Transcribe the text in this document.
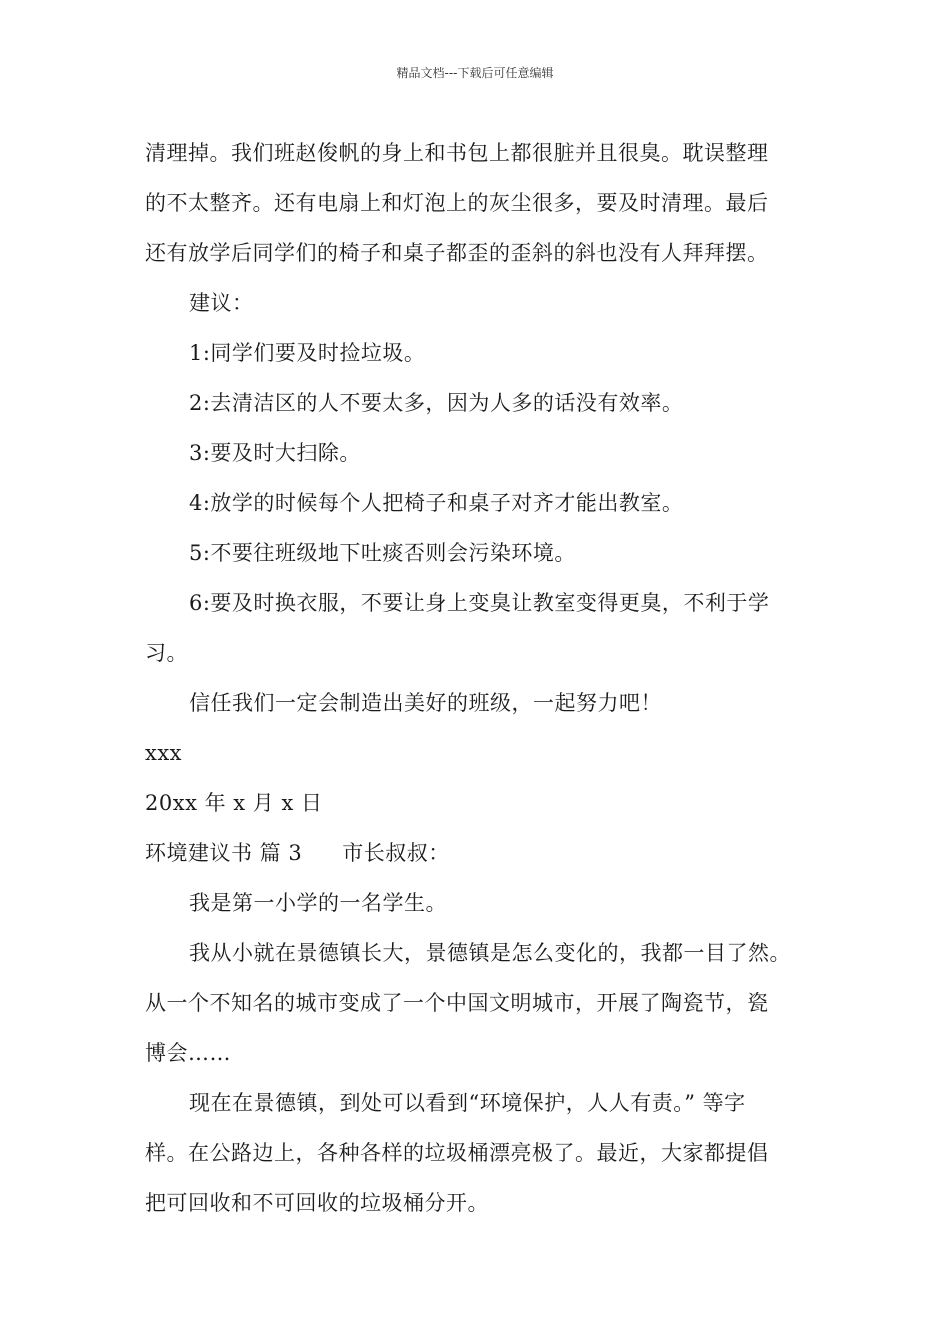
精品文档---下载后可任意编辑
清理掉。我们班赵俊帆的身上和书包上都很脏并且很臭。耽误整理
的不太整齐。还有电扇上和灯泡上的灰尘很多，要及时清理。最后
还有放学后同学们的椅子和桌子都歪的歪斜的斜也没有人拜拜摆。
建议：
1:同学们要及时捡垃圾。
2:去清洁区的人不要太多，因为人多的话没有效率。
3:要及时大扫除。
4:放学的时候每个人把椅子和桌子对齐才能出教室。
5:不要往班级地下吐痰否则会污染环境。
6:要及时换衣服，不要让身上变臭让教室变得更臭，不利于学
习。
信任我们一定会制造出美好的班级，一起努力吧！
xxx
20xx 年 x 月 x 日
环境建议书 篇 3 市长叔叔：
我是第一小学的一名学生。
我从小就在景德镇长大，景德镇是怎么变化的，我都一目了然。
从一个不知名的城市变成了一个中国文明城市，开展了陶瓷节，瓷
博会……
现在在景德镇，到处可以看到“环境保护，人人有责。” 等字
样。在公路边上，各种各样的垃圾桶漂亮极了。最近，大家都提倡
把可回收和不可回收的垃圾桶分开。
